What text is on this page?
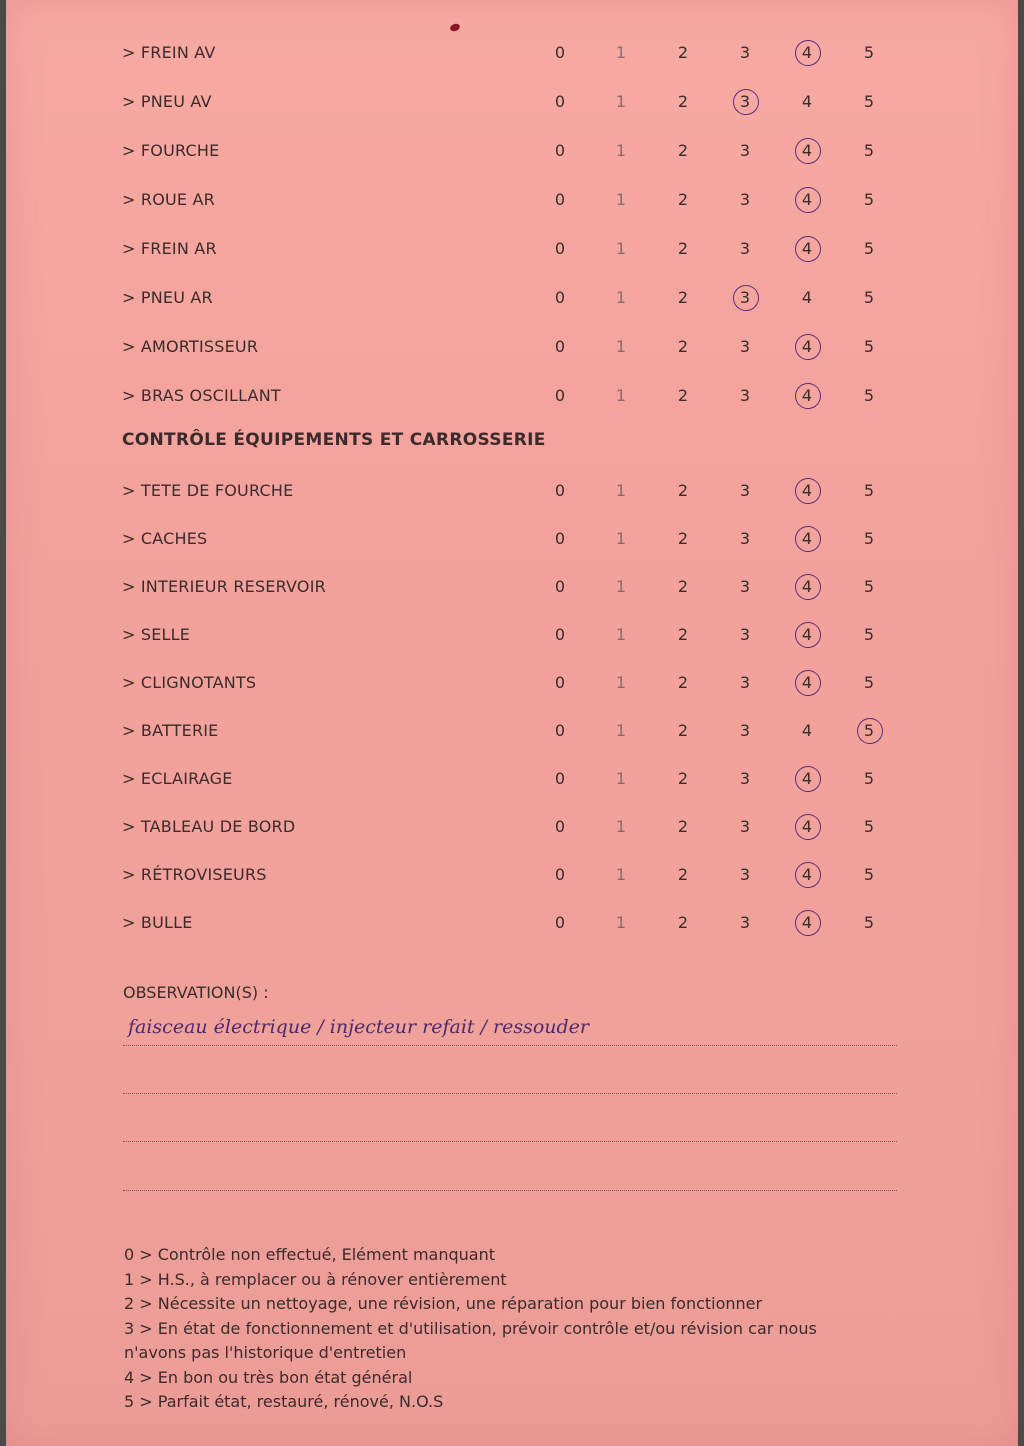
> FREIN AV	0	1	2	3	4	5
> PNEU AV	0	1	2	3	4	5
> FOURCHE	0	1	2	3	4	5
> ROUE AR	0	1	2	3	4	5
> FREIN AR	0	1	2	3	4	5
> PNEU AR	0	1	2	3	4	5
> AMORTISSEUR	0	1	2	3	4	5
> BRAS OSCILLANT	0	1	2	3	4	5
> TETE DE FOURCHE	0	1	2	3	4	5
> CACHES	0	1	2	3	4	5
> INTERIEUR RESERVOIR	0	1	2	3	4	5
> SELLE	0	1	2	3	4	5
> CLIGNOTANTS	0	1	2	3	4	5
> BATTERIE	0	1	2	3	4	5
> ECLAIRAGE	0	1	2	3	4	5
> TABLEAU DE BORD	0	1	2	3	4	5
> RÉTROVISEURS	0	1	2	3	4	5
> BULLE	0	1	2	3	4	5
CONTRÔLE ÉQUIPEMENTS ET CARROSSERIE
OBSERVATION(S) :
faisceau électrique / injecteur refait / ressouder
0 > Contrôle non effectué, Elément manquant
1 > H.S., à remplacer ou à rénover entièrement
2 > Nécessite un nettoyage, une révision, une réparation pour bien fonctionner
3 > En état de fonctionnement et d'utilisation, prévoir contrôle et/ou révision car nous
n'avons pas l'historique d'entretien
4 > En bon ou très bon état général
5 > Parfait état, restauré, rénové, N.O.S
